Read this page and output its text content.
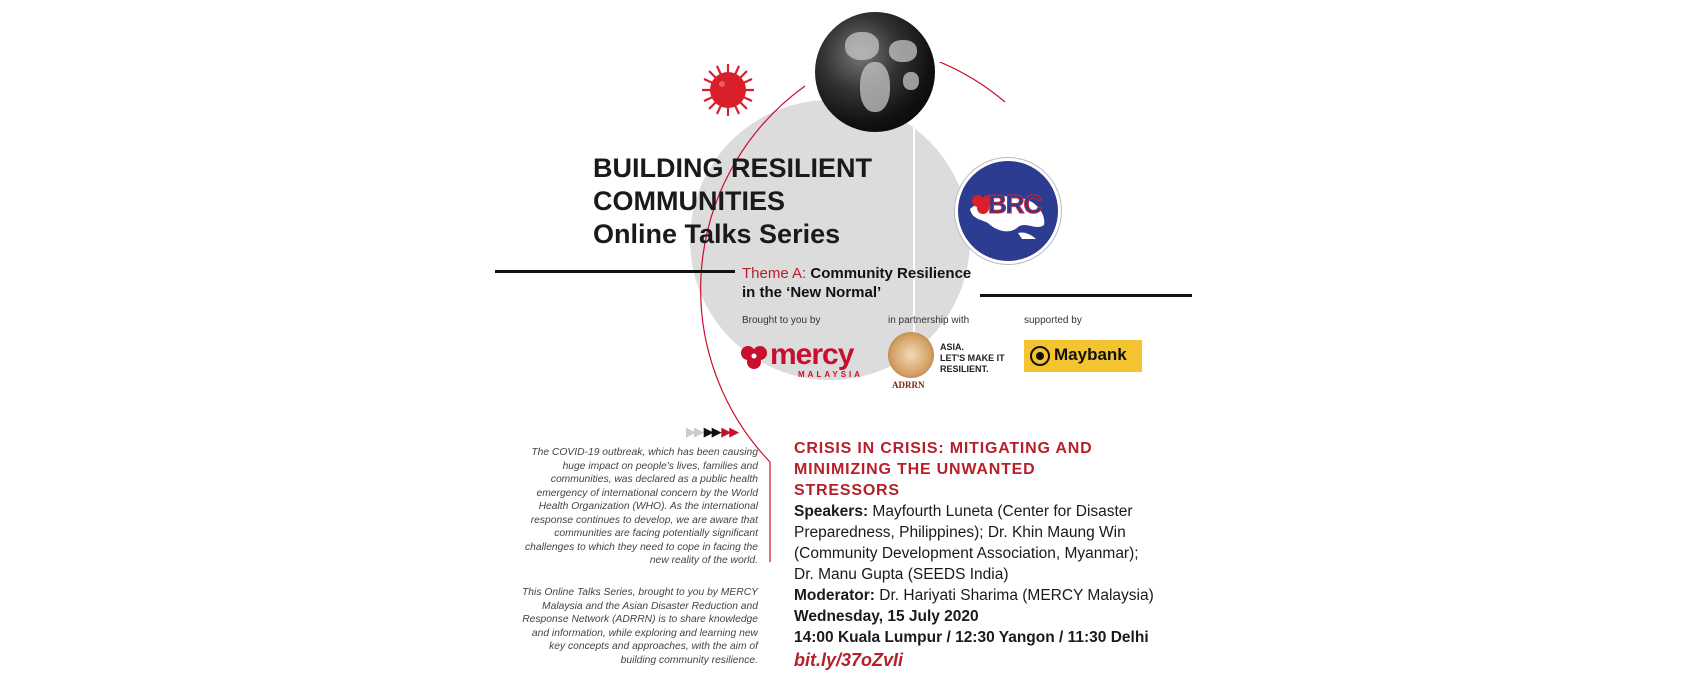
BRC
BUILDING RESILIENT
COMMUNITIES
Online Talks Series
Theme A: Community Resilience
in the ‘New Normal’
Brought to you by	in partnership with	supported by
mercy
MALAYSIA
ADRRN
ASIA.
LET'S MAKE IT
RESILIENT.
Maybank
▶▶ ▶▶ ▶▶
The COVID-19 outbreak, which has been causing huge impact on people's lives, families and communities, was declared as a public health emergency of international concern by the World Health Organization (WHO). As the international response continues to develop, we are aware that communities are facing potentially significant challenges to which they need to cope in facing the new reality of the world.
This Online Talks Series, brought to you by MERCY Malaysia and the Asian Disaster Reduction and Response Network (ADRRN) is to share knowledge and information, while exploring and learning new key concepts and approaches, with the aim of building community resilience.
CRISIS IN CRISIS: MITIGATING AND
MINIMIZING THE UNWANTED
STRESSORS
Speakers: Mayfourth Luneta (Center for Disaster
Preparedness, Philippines); Dr. Khin Maung Win
(Community Development Association, Myanmar);
Dr. Manu Gupta (SEEDS India)
Moderator: Dr. Hariyati Sharima (MERCY Malaysia)
Wednesday, 15 July 2020
14:00 Kuala Lumpur / 12:30 Yangon / 11:30 Delhi
bit.ly/37oZvIi
